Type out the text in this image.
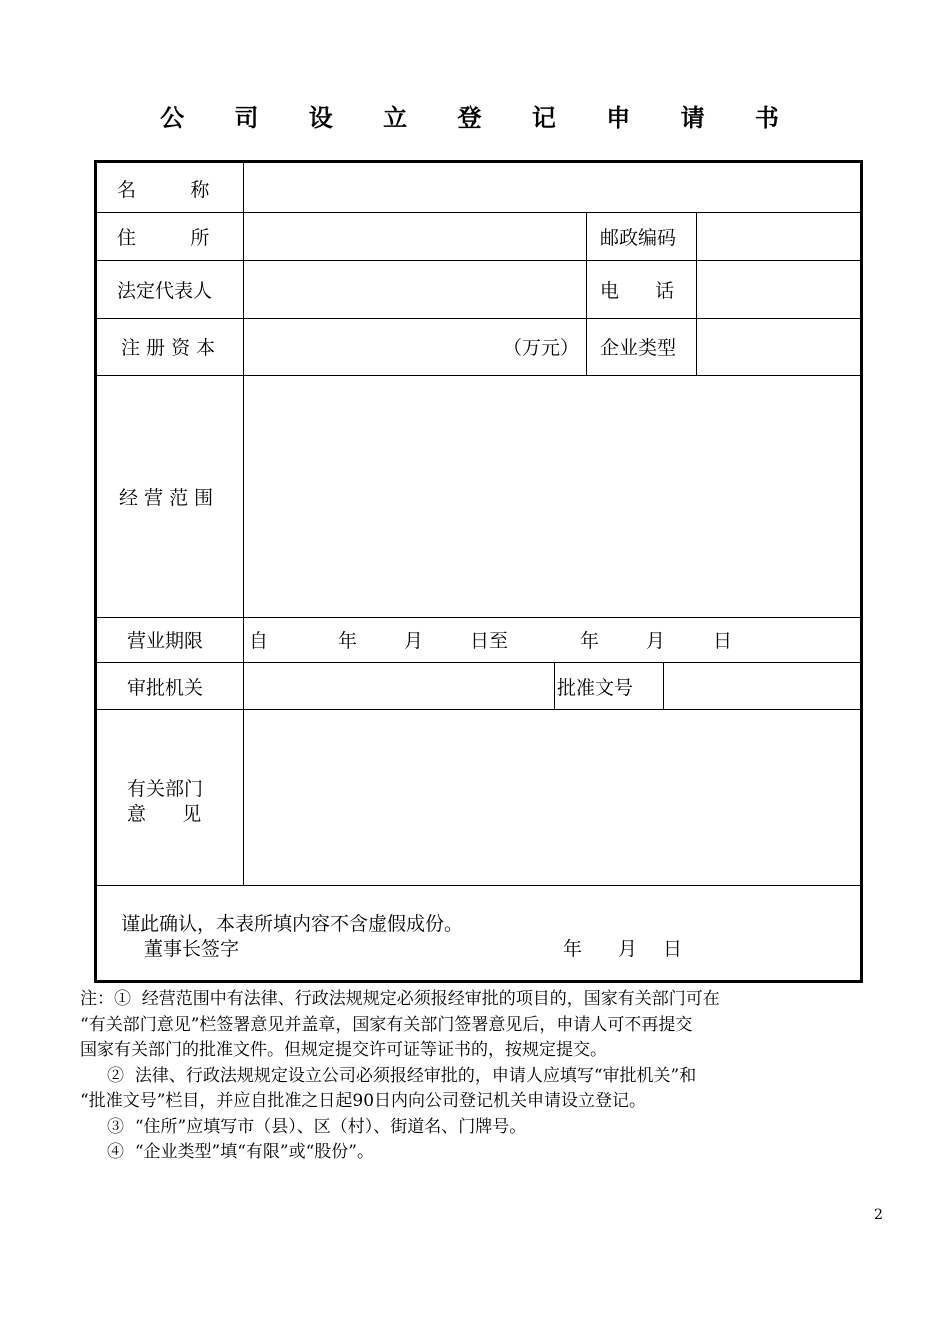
公 司 设 立 登 记 申 请 书
名         称
住         所	邮政编码
法定代表人	电      话
注 册 资 本	（万元） 企业类型
经 营 范 围
营业期限 自	年 月 日至	年 月	日
审批机关	批准文号
有关部门
意      见
谨此确认，本表所填内容不含虚假成份。
董事长签字	年 月 日
注：①  经营范围中有法律、行政法规规定必须报经审批的项目的，国家有关部门可在
“有关部门意见”栏签署意见并盖章，国家有关部门签署意见后，申请人可不再提交
国家有关部门的批准文件。但规定提交许可证等证书的，按规定提交。
②  法律、行政法规规定设立公司必须报经审批的，申请人应填写“审批机关”和
“批准文号”栏目，并应自批准之日起90日内向公司登记机关申请设立登记。
③  “住所”应填写市（县）、区（村）、街道名、门牌号。
④  “企业类型”填“有限”或“股份”。
2
